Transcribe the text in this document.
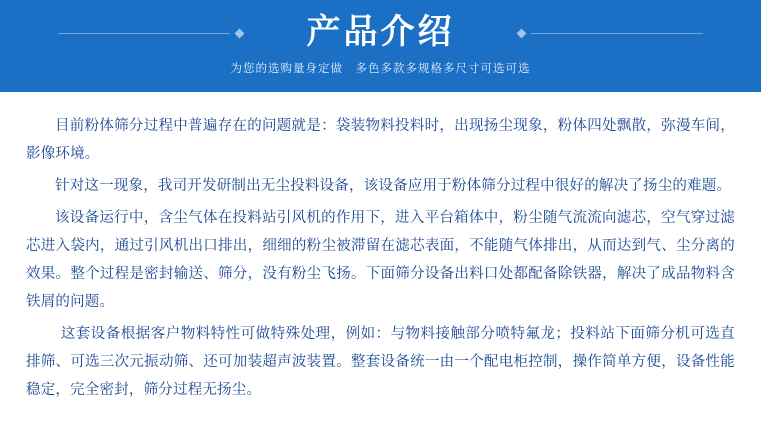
产品介绍
为您的选购量身定做　多色多款多规格多尺寸可选可选

目前粉体筛分过程中普遍存在的问题就是：袋装物料投料时，出现扬尘现象，粉体四处飘散，弥漫车间，影像环境。

针对这一现象，我司开发研制出无尘投料设备，该设备应用于粉体筛分过程中很好的解决了扬尘的难题。

该设备运行中，含尘气体在投料站引风机的作用下，进入平台箱体中，粉尘随气流流向滤芯，空气穿过滤芯进入袋内，通过引风机出口排出，细细的粉尘被滞留在滤芯表面，不能随气体排出，从而达到气、尘分离的效果。整个过程是密封输送、筛分，没有粉尘飞扬。下面筛分设备出料口处都配备除铁器，解决了成品物料含铁屑的问题。

这套设备根据客户物料特性可做特殊处理，例如：与物料接触部分喷特氟龙；投料站下面筛分机可选直排筛、可选三次元振动筛、还可加装超声波装置。整套设备统一由一个配电柜控制，操作简单方便，设备性能稳定，完全密封，筛分过程无扬尘。
